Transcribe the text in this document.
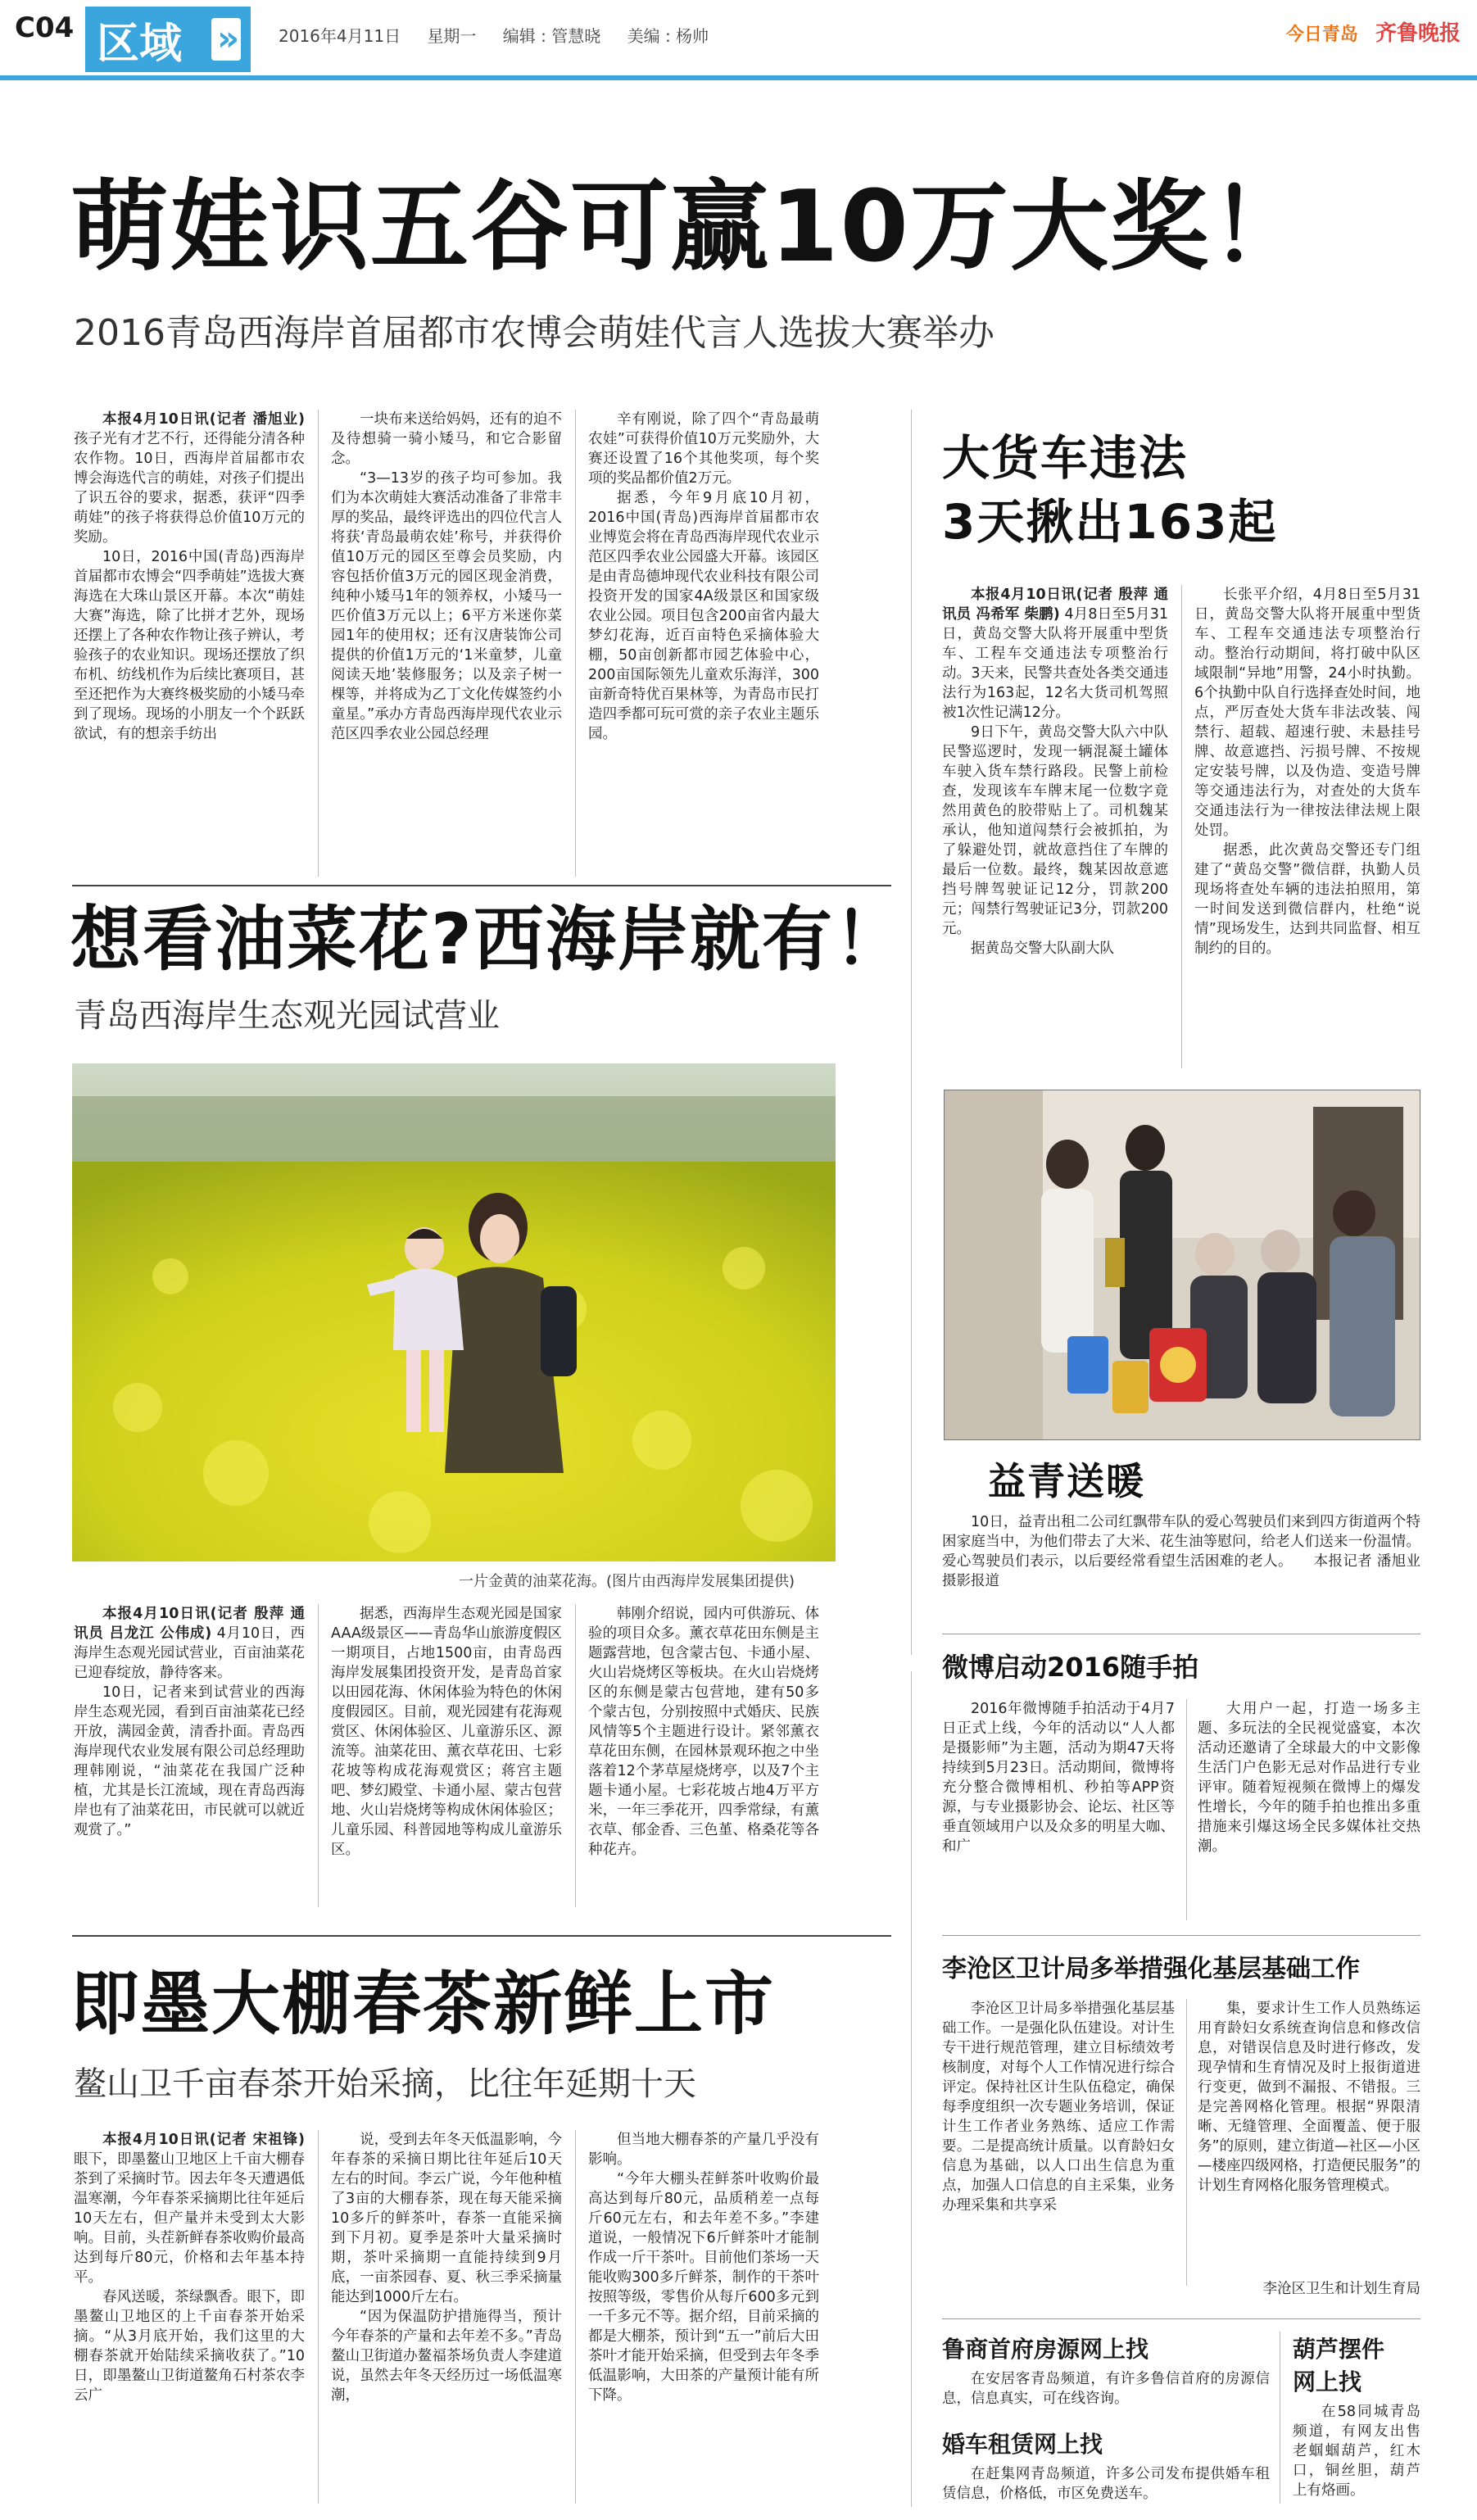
C04 区域 » 2016年4月11日 星期一 编辑 : 管慧晓 美编 : 杨帅	今日青岛 齐鲁晚报
萌娃识五谷可赢10万大奖！
2016青岛西海岸首届都市农博会萌娃代言人选拔大赛举办

本报4月10日讯(记者 潘旭业) 孩子光有才艺不行，还得能分清各种农作物。10日，西海岸首届都市农博会海选代言的萌娃，对孩子们提出了识五谷的要求，据悉，获评“四季萌娃”的孩子将获得总价值10万元的奖励。

10日，2016中国(青岛)西海岸首届都市农博会“四季萌娃”选拔大赛海选在大珠山景区开幕。本次“萌娃大赛”海选，除了比拼才艺外，现场还摆上了各种农作物让孩子辨认，考验孩子的农业知识。现场还摆放了织布机、纺线机作为后续比赛项目，甚至还把作为大赛终极奖励的小矮马牵到了现场。现场的小朋友一个个跃跃欲试，有的想亲手纺出

一块布来送给妈妈，还有的迫不及待想骑一骑小矮马，和它合影留念。

“3—13岁的孩子均可参加。我们为本次萌娃大赛活动准备了非常丰厚的奖品，最终评选出的四位代言人将获‘青岛最萌农娃’称号，并获得价值10万元的园区至尊会员奖励，内容包括价值3万元的园区现金消费，纯种小矮马1年的领养权，小矮马一匹价值3万元以上；6平方米迷你菜园1年的使用权；还有汉唐装饰公司提供的价值1万元的‘1米童梦，儿童阅读天地’装修服务；以及亲子树一棵等，并将成为乙丁文化传媒签约小童星。”承办方青岛西海岸现代农业示范区四季农业公园总经理

辛有刚说，除了四个“青岛最萌农娃”可获得价值10万元奖励外，大赛还设置了16个其他奖项，每个奖项的奖品都价值2万元。

据悉，今年9月底10月初，2016中国(青岛)西海岸首届都市农业博览会将在青岛西海岸现代农业示范区四季农业公园盛大开幕。该园区是由青岛德坤现代农业科技有限公司投资开发的国家4A级景区和国家级农业公园。项目包含200亩省内最大梦幻花海，近百亩特色采摘体验大棚，50亩创新都市园艺体验中心，200亩国际领先儿童欢乐海洋，300亩新奇特优百果林等，为青岛市民打造四季都可玩可赏的亲子农业主题乐园。

大货车违法
3天揪出163起

本报4月10日讯(记者 殷萍 通讯员 冯希军 柴鹏) 4月8日至5月31日，黄岛交警大队将开展重中型货车、工程车交通违法专项整治行动。3天来，民警共查处各类交通违法行为163起，12名大货司机驾照被1次性记满12分。

9日下午，黄岛交警大队六中队民警巡逻时，发现一辆混凝土罐体车驶入货车禁行路段。民警上前检查，发现该车车牌末尾一位数字竟然用黄色的胶带贴上了。司机魏某承认，他知道闯禁行会被抓拍，为了躲避处罚，就故意挡住了车牌的最后一位数。最终，魏某因故意遮挡号牌驾驶证记12分，罚款200元；闯禁行驾驶证记3分，罚款200元。

据黄岛交警大队副大队

长张平介绍，4月8日至5月31日，黄岛交警大队将开展重中型货车、工程车交通违法专项整治行动。整治行动期间，将打破中队区域限制“异地”用警，24小时执勤。6个执勤中队自行选择查处时间，地点，严厉查处大货车非法改装、闯禁行、超载、超速行驶、未悬挂号牌、故意遮挡、污损号牌、不按规定安装号牌，以及伪造、变造号牌等交通违法行为，对查处的大货车交通违法行为一律按法律法规上限处罚。

据悉，此次黄岛交警还专门组建了“黄岛交警”微信群，执勤人员现场将查处车辆的违法拍照用，第一时间发送到微信群内，杜绝“说情”现场发生，达到共同监督、相互制约的目的。

想看油菜花?西海岸就有！
青岛西海岸生态观光园试营业
一片金黄的油菜花海。(图片由西海岸发展集团提供)

本报4月10日讯(记者 殷萍 通讯员 吕龙江 公伟成) 4月10日，西海岸生态观光园试营业，百亩油菜花已迎春绽放，静待客来。

10日，记者来到试营业的西海岸生态观光园，看到百亩油菜花已经开放，满园金黄，清香扑面。青岛西海岸现代农业发展有限公司总经理助理韩刚说，“油菜花在我国广泛种植，尤其是长江流域，现在青岛西海岸也有了油菜花田，市民就可以就近观赏了。”

据悉，西海岸生态观光园是国家AAA级景区——青岛华山旅游度假区一期项目，占地1500亩，由青岛西海岸发展集团投资开发，是青岛首家以田园花海、休闲体验为特色的休闲度假园区。目前，观光园建有花海观赏区、休闲体验区、儿童游乐区、源流等。油菜花田、薰衣草花田、七彩花坡等构成花海观赏区；蒋宫主题吧、梦幻殿堂、卡通小屋、蒙古包营地、火山岩烧烤等构成休闲体验区；儿童乐园、科普园地等构成儿童游乐区。

韩刚介绍说，园内可供游玩、体验的项目众多。薰衣草花田东侧是主题露营地，包含蒙古包、卡通小屋、火山岩烧烤区等板块。在火山岩烧烤区的东侧是蒙古包营地，建有50多个蒙古包，分别按照中式婚庆、民族风情等5个主题进行设计。紧邻薰衣草花田东侧，在园林景观环抱之中坐落着12个茅草屋烧烤亭，以及7个主题卡通小屋。七彩花坡占地4万平方米，一年三季花开，四季常绿，有薰衣草、郁金香、三色堇、格桑花等各种花卉。

益青送暖

10日，益青出租二公司红飘带车队的爱心驾驶员们来到四方街道两个特困家庭当中，为他们带去了大米、花生油等慰问，给老人们送来一份温情。爱心驾驶员们表示，以后要经常看望生活困难的老人。 本报记者 潘旭业 摄影报道

微博启动2016随手拍

2016年微博随手拍活动于4月7日正式上线，今年的活动以“人人都是摄影师”为主题，活动为期47天将持续到5月23日。活动期间，微博将充分整合微博相机、秒拍等APP资源，与专业摄影协会、论坛、社区等垂直领域用户以及众多的明星大咖、和广

大用户一起，打造一场多主题、多玩法的全民视觉盛宴，本次活动还邀请了全球最大的中文影像生活门户色影无忌对作品进行专业评审。随着短视频在微博上的爆发性增长，今年的随手拍也推出多重措施来引爆这场全民多媒体社交热潮。

即墨大棚春茶新鲜上市
鳌山卫千亩春茶开始采摘，比往年延期十天

本报4月10日讯(记者 宋祖锋) 眼下，即墨鳌山卫地区上千亩大棚春茶到了采摘时节。因去年冬天遭遇低温寒潮，今年春茶采摘期比往年延后10天左右，但产量并未受到太大影响。目前，头茬新鲜春茶收购价最高达到每斤80元，价格和去年基本持平。

春风送暖，茶绿飘香。眼下，即墨鳌山卫地区的上千亩春茶开始采摘。“从3月底开始，我们这里的大棚春茶就开始陆续采摘收获了。”10日，即墨鳌山卫街道鳌角石村茶农李云广

说，受到去年冬天低温影响，今年春茶的采摘日期比往年延后10天左右的时间。李云广说，今年他种植了3亩的大棚春茶，现在每天能采摘10多斤的鲜茶叶，春茶一直能采摘到下月初。夏季是茶叶大量采摘时期，茶叶采摘期一直能持续到9月底，一亩茶园春、夏、秋三季采摘量能达到1000斤左右。

“因为保温防护措施得当，预计今年春茶的产量和去年差不多。”青岛鳌山卫街道办鳌福茶场负责人李建道说，虽然去年冬天经历过一场低温寒潮，

但当地大棚春茶的产量几乎没有影响。

“今年大棚头茬鲜茶叶收购价最高达到每斤80元，品质稍差一点每斤60元左右，和去年差不多。”李建道说，一般情况下6斤鲜茶叶才能制作成一斤干茶叶。目前他们茶场一天能收购300多斤鲜茶，制作的干茶叶按照等级，零售价从每斤600多元到一千多元不等。据介绍，目前采摘的都是大棚茶，预计到“五一”前后大田茶叶才能开始采摘，但受到去年冬季低温影响，大田茶的产量预计能有所下降。

李沧区卫计局多举措强化基层基础工作

李沧区卫计局多举措强化基层基础工作。一是强化队伍建设。对计生专干进行规范管理，建立目标绩效考核制度，对每个人工作情况进行综合评定。保持社区计生队伍稳定，确保每季度组织一次专题业务培训，保证计生工作者业务熟练、适应工作需要。二是提高统计质量。以育龄妇女信息为基础，以人口出生信息为重点，加强人口信息的自主采集，业务办理采集和共享采

集，要求计生工作人员熟练运用育龄妇女系统查询信息和修改信息，对错误信息及时进行修改，发现孕情和生育情况及时上报街道进行变更，做到不漏报、不错报。三是完善网格化管理。根据“界限清晰、无缝管理、全面覆盖、便于服务”的原则，建立街道—社区—小区—楼座四级网格，打造便民服务”的计划生育网格化服务管理模式。

李沧区卫生和计划生育局
鲁商首府房源网上找

在安居客青岛频道，有许多鲁信首府的房源信息，信息真实，可在线咨询。

婚车租赁网上找

在赶集网青岛频道，许多公司发布提供婚车租赁信息，价格低，市区免费送车。

葫芦摆件
网上找

在58同城青岛频道，有网友出售老蝈蝈葫芦，红木口，铜丝胆，葫芦上有烙画。
